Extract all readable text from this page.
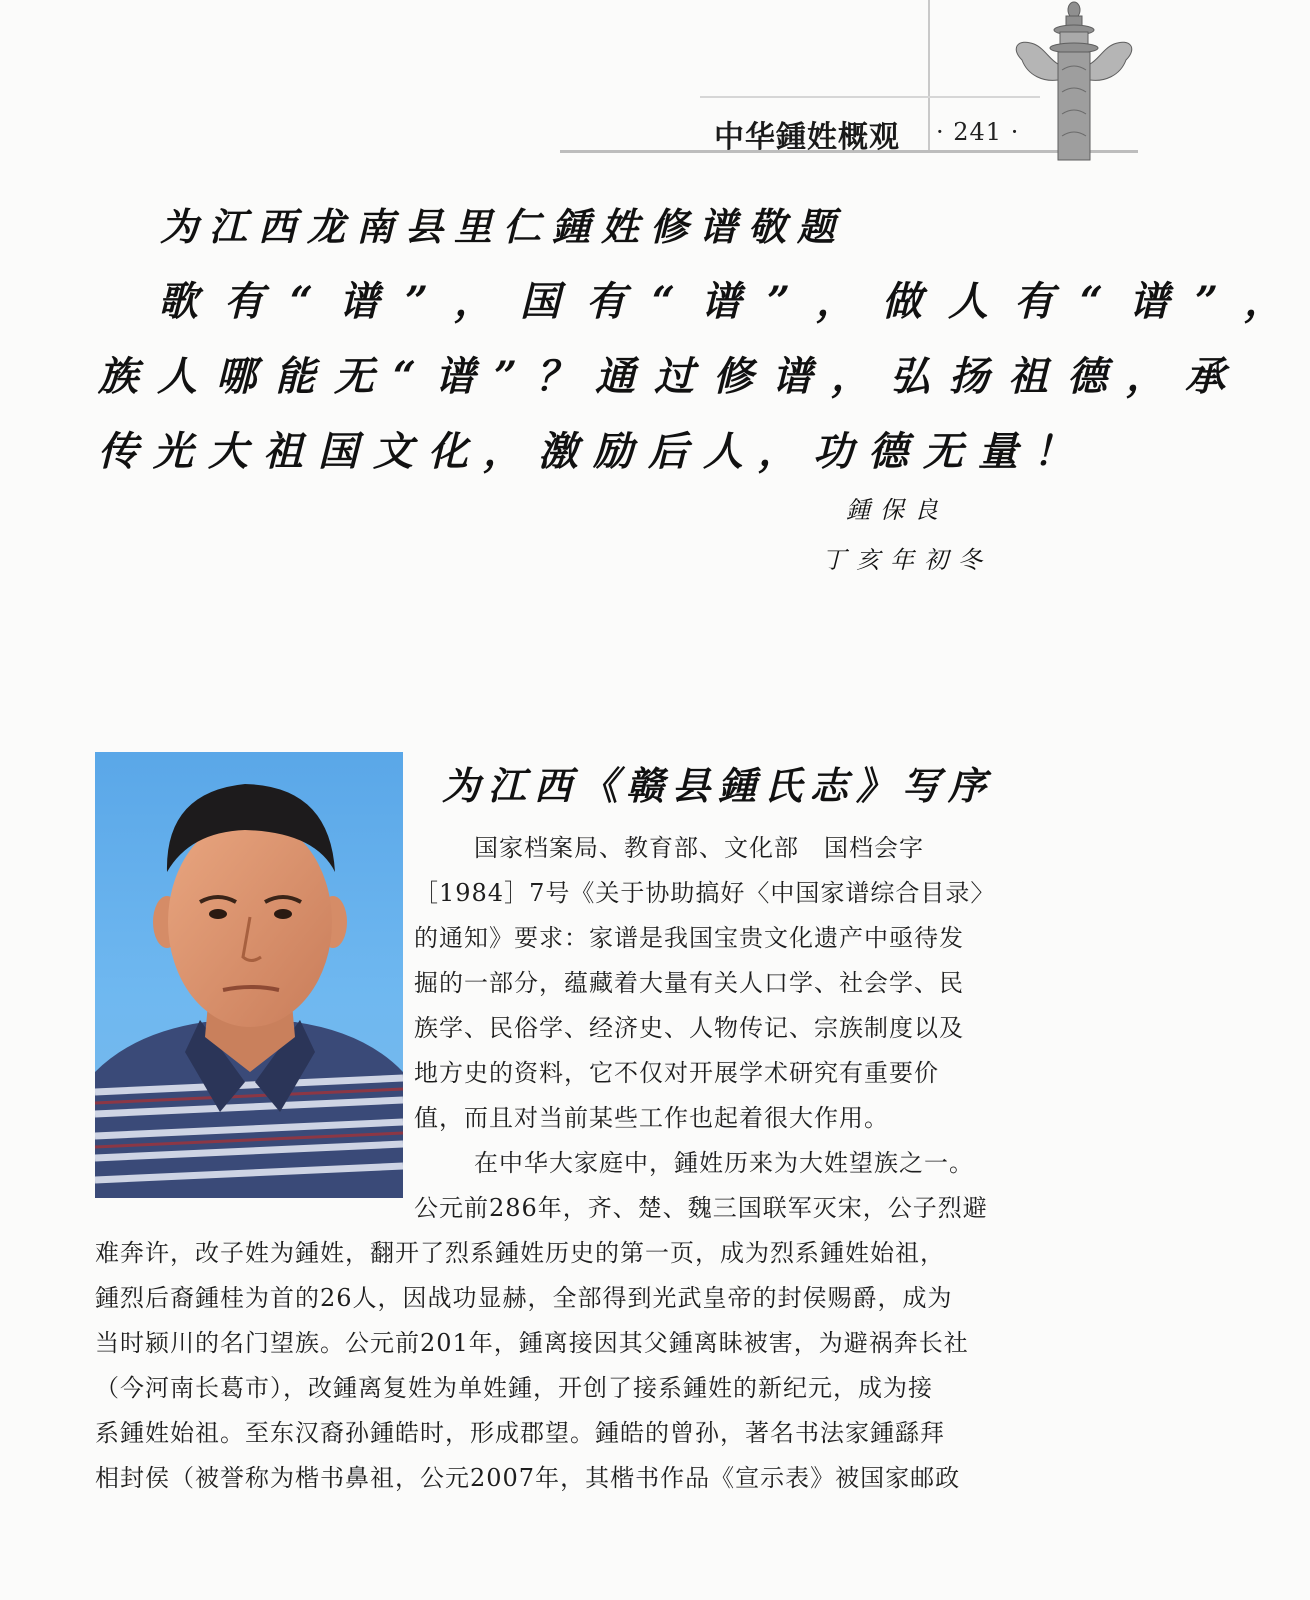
中华鍾姓概观 · 241 ·
为江西龙南县里仁鍾姓修谱敬题
歌有“谱”，国有“谱”，做人有“谱”，
族人哪能无“谱”？通过修谱，弘扬祖德，承
传光大祖国文化，激励后人，功德无量！
鍾保良
丁亥年初冬
为江西《赣县鍾氏志》写序
国家档案局、教育部、文化部　国档会字
［1984］7号《关于协助搞好〈中国家谱综合目录〉
的通知》要求：家谱是我国宝贵文化遗产中亟待发
掘的一部分，蕴藏着大量有关人口学、社会学、民
族学、民俗学、经济史、人物传记、宗族制度以及
地方史的资料，它不仅对开展学术研究有重要价
值，而且对当前某些工作也起着很大作用。
在中华大家庭中，鍾姓历来为大姓望族之一。
公元前286年，齐、楚、魏三国联军灭宋，公子烈避
难奔许，改子姓为鍾姓，翻开了烈系鍾姓历史的第一页，成为烈系鍾姓始祖，
鍾烈后裔鍾桂为首的26人，因战功显赫，全部得到光武皇帝的封侯赐爵，成为
当时颍川的名门望族。公元前201年，鍾离接因其父鍾离眛被害，为避祸奔长社
（今河南长葛市），改鍾离复姓为单姓鍾，开创了接系鍾姓的新纪元，成为接
系鍾姓始祖。至东汉裔孙鍾皓时，形成郡望。鍾皓的曾孙，著名书法家鍾繇拜
相封侯（被誉称为楷书鼻祖，公元2007年，其楷书作品《宣示表》被国家邮政
